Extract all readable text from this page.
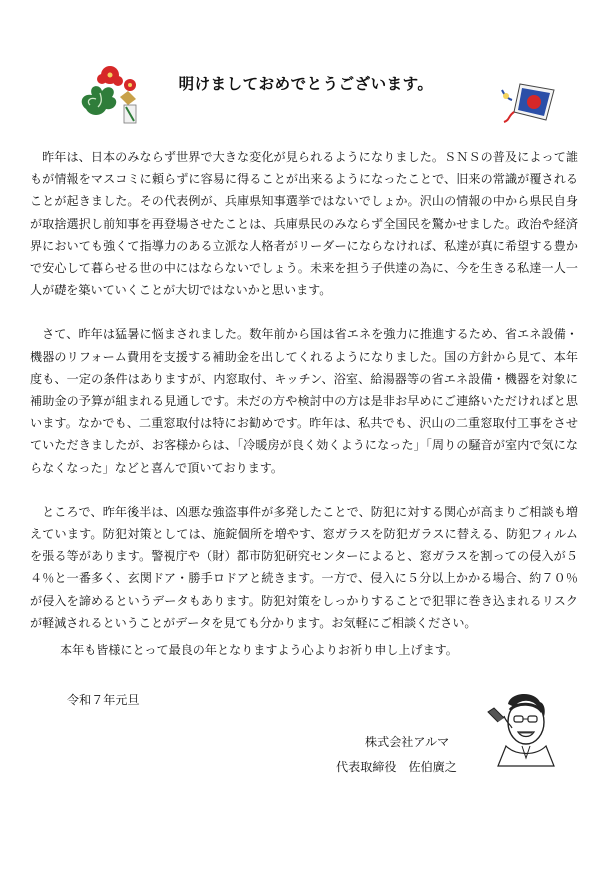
明けましておめでとうございます。

昨年は、日本のみならず世界で大きな変化が見られるようになりました。ＳＮＳの普及によって誰もが情報をマスコミに頼らずに容易に得ることが出来るようになったことで、旧来の常識が覆されることが起きました。その代表例が、兵庫県知事選挙ではないでしょか。沢山の情報の中から県民自身が取捨選択し前知事を再登場させたことは、兵庫県民のみならず全国民を驚かせました。政治や経済界においても強くて指導力のある立派な人格者がリーダーにならなければ、私達が真に希望する豊かで安心して暮らせる世の中にはならないでしょう。未来を担う子供達の為に、今を生きる私達一人一人が礎を築いていくことが大切ではないかと思います。

さて、昨年は猛暑に悩まされました。数年前から国は省エネを強力に推進するため、省エネ設備・機器のリフォーム費用を支援する補助金を出してくれるようになりました。国の方針から見て、本年度も、一定の条件はありますが、内窓取付、キッチン、浴室、給湯器等の省エネ設備・機器を対象に補助金の予算が組まれる見通しです。未だの方や検討中の方は是非お早めにご連絡いただければと思います。なかでも、二重窓取付は特にお勧めです。昨年は、私共でも、沢山の二重窓取付工事をさせていただきましたが、お客様からは、「冷暖房が良く効くようになった」「周りの騒音が室内で気にならなくなった」などと喜んで頂いております。

ところで、昨年後半は、凶悪な強盗事件が多発したことで、防犯に対する関心が高まりご相談も増えています。防犯対策としては、施錠個所を増やす、窓ガラスを防犯ガラスに替える、防犯フィルムを張る等があります。警視庁や（財）都市防犯研究センターによると、窓ガラスを割っての侵入が５４％と一番多く、玄関ドア・勝手ロドアと続きます。一方で、侵入に５分以上かかる場合、約７０％が侵入を諦めるというデータもあります。防犯対策をしっかりすることで犯罪に巻き込まれるリスクが軽減されるということがデータを見ても分かります。お気軽にご相談ください。

本年も皆様にとって最良の年となりますよう心よりお祈り申し上げます。
令和７年元旦
株式会社アルマ
代表取締役 佐伯廣之
